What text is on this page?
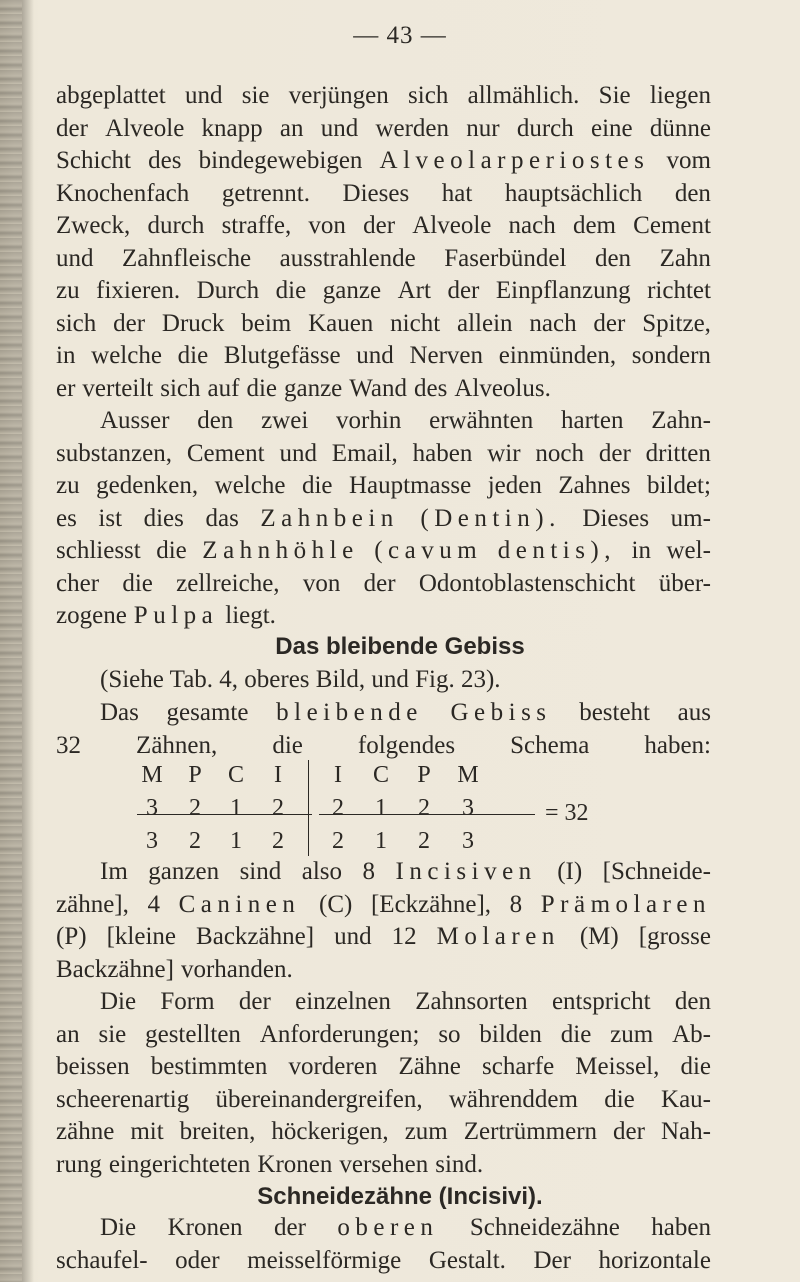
— 43 —
abgeplattet und sie verjüngen sich allmählich. Sie liegen
der Alveole knapp an und werden nur durch eine dünne
Schicht des bindegewebigen Alveolarperiostes vom
Knochenfach getrennt. Dieses hat hauptsächlich den
Zweck, durch straffe, von der Alveole nach dem Cement
und Zahnfleische ausstrahlende Faserbündel den Zahn
zu fixieren. Durch die ganze Art der Einpflanzung richtet
sich der Druck beim Kauen nicht allein nach der Spitze,
in welche die Blutgefässe und Nerven einmünden, sondern
er verteilt sich auf die ganze Wand des Alveolus.
Ausser den zwei vorhin erwähnten harten Zahn-
substanzen, Cement und Email, haben wir noch der dritten
zu gedenken, welche die Hauptmasse jeden Zahnes bildet;
es ist dies das Zahnbein (Dentin). Dieses um-
schliesst die Zahnhöhle (cavum dentis), in wel-
cher die zellreiche, von der Odontoblastenschicht über-
zogene Pulpa liegt.
Das bleibende Gebiss
(Siehe Tab. 4, oberes Bild, und Fig. 23).
Das gesamte bleibende Gebiss besteht aus
32 Zähnen, die folgendes Schema haben:
M	P	C	I	I	C	P	M
3	2	1	2	2	1	2	3
3	2	1	2	2	1	2	3
= 32
Im ganzen sind also 8 Incisiven (I) [Schneide-
zähne], 4 Caninen (C) [Eckzähne], 8 Prämolaren
(P) [kleine Backzähne] und 12 Molaren (M) [grosse
Backzähne] vorhanden.
Die Form der einzelnen Zahnsorten entspricht den
an sie gestellten Anforderungen; so bilden die zum Ab-
beissen bestimmten vorderen Zähne scharfe Meissel, die
scheerenartig übereinandergreifen, währenddem die Kau-
zähne mit breiten, höckerigen, zum Zertrümmern der Nah-
rung eingerichteten Kronen versehen sind.
Schneidezähne (Incisivi).
Die Kronen der oberen Schneidezähne haben
schaufel- oder meisselförmige Gestalt. Der horizontale
